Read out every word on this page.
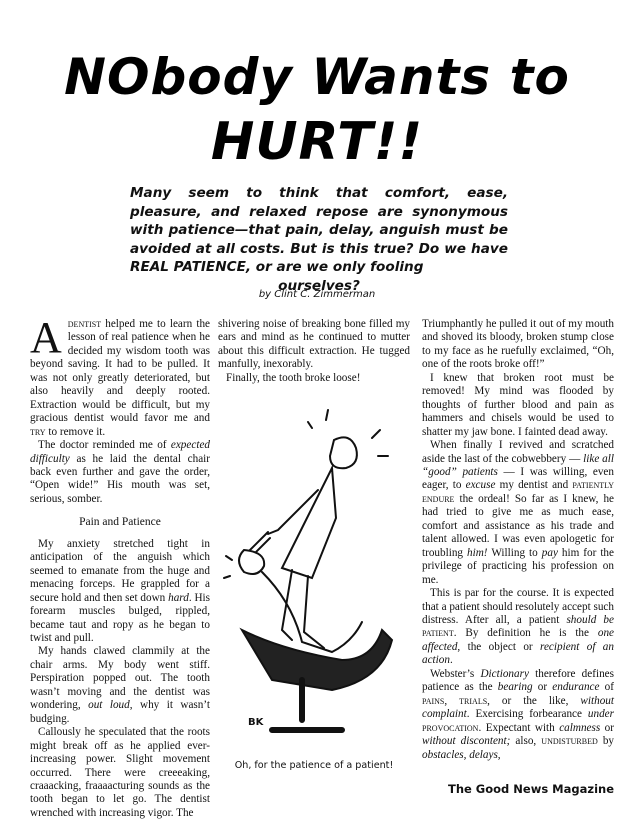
NObody Wants to
HURT!!
Many seem to think that comfort, ease, pleasure, and relaxed repose are synonymous with patience—that pain, delay, anguish must be avoided at all costs. But is this true? Do we have REAL PATIENCE, or are we only fooling
ourselves?
by Clint C. Zimmerman

Adentist helped me to learn the lesson of real patience when he decided my wisdom tooth was beyond saving. It had to be pulled. It was not only greatly deteriorated, but also heavily and deeply rooted. Extraction would be difficult, but my gracious dentist would favor me and try to remove it.

The doctor reminded me of expected difficulty as he laid the dental chair back even further and gave the order, “Open wide!” His mouth was set, serious, somber.

Pain and Patience

My anxiety stretched tight in anticipation of the anguish which seemed to emanate from the huge and menacing forceps. He grappled for a secure hold and then set down hard. His forearm muscles bulged, rippled, became taut and ropy as he began to twist and pull.

My hands clawed clammily at the chair arms. My body went stiff. Perspiration popped out. The tooth wasn’t moving and the dentist was wondering, out loud, why it wasn’t budging.

Callously he speculated that the roots might break off as he applied ever-increasing power. Slight movement occurred. There were creeeaking, craaacking, fraaaacturing sounds as the tooth began to let go. The dentist wrenched with increasing vigor. The

shivering noise of breaking bone filled my ears and mind as he continued to mutter about this difficult extraction. He tugged manfully, inexorably.

Finally, the tooth broke loose!

BK
Oh, for the patience of a patient!

Triumphantly he pulled it out of my mouth and shoved its bloody, broken stump close to my face as he ruefully exclaimed, “Oh, one of the roots broke off!”

I knew that broken root must be removed! My mind was flooded by thoughts of further blood and pain as hammers and chisels would be used to shatter my jaw bone. I fainted dead away.

When finally I revived and scratched aside the last of the cobwebbery — like all “good” patients — I was willing, even eager, to excuse my dentist and patiently endure the ordeal! So far as I knew, he had tried to give me as much ease, comfort and assistance as his trade and talent allowed. I was even apologetic for troubling him! Willing to pay him for the privilege of practicing his profession on me.

This is par for the course. It is expected that a patient should resolutely accept such distress. After all, a patient should be patient. By definition he is the one affected, the object or recipient of an action.

Webster’s Dictionary therefore defines patience as the bearing or endurance of pains, trials, or the like, without complaint. Exercising forbearance under provocation. Expectant with calmness or without discontent; also, undisturbed by obstacles, delays,

The Good News Magazine
